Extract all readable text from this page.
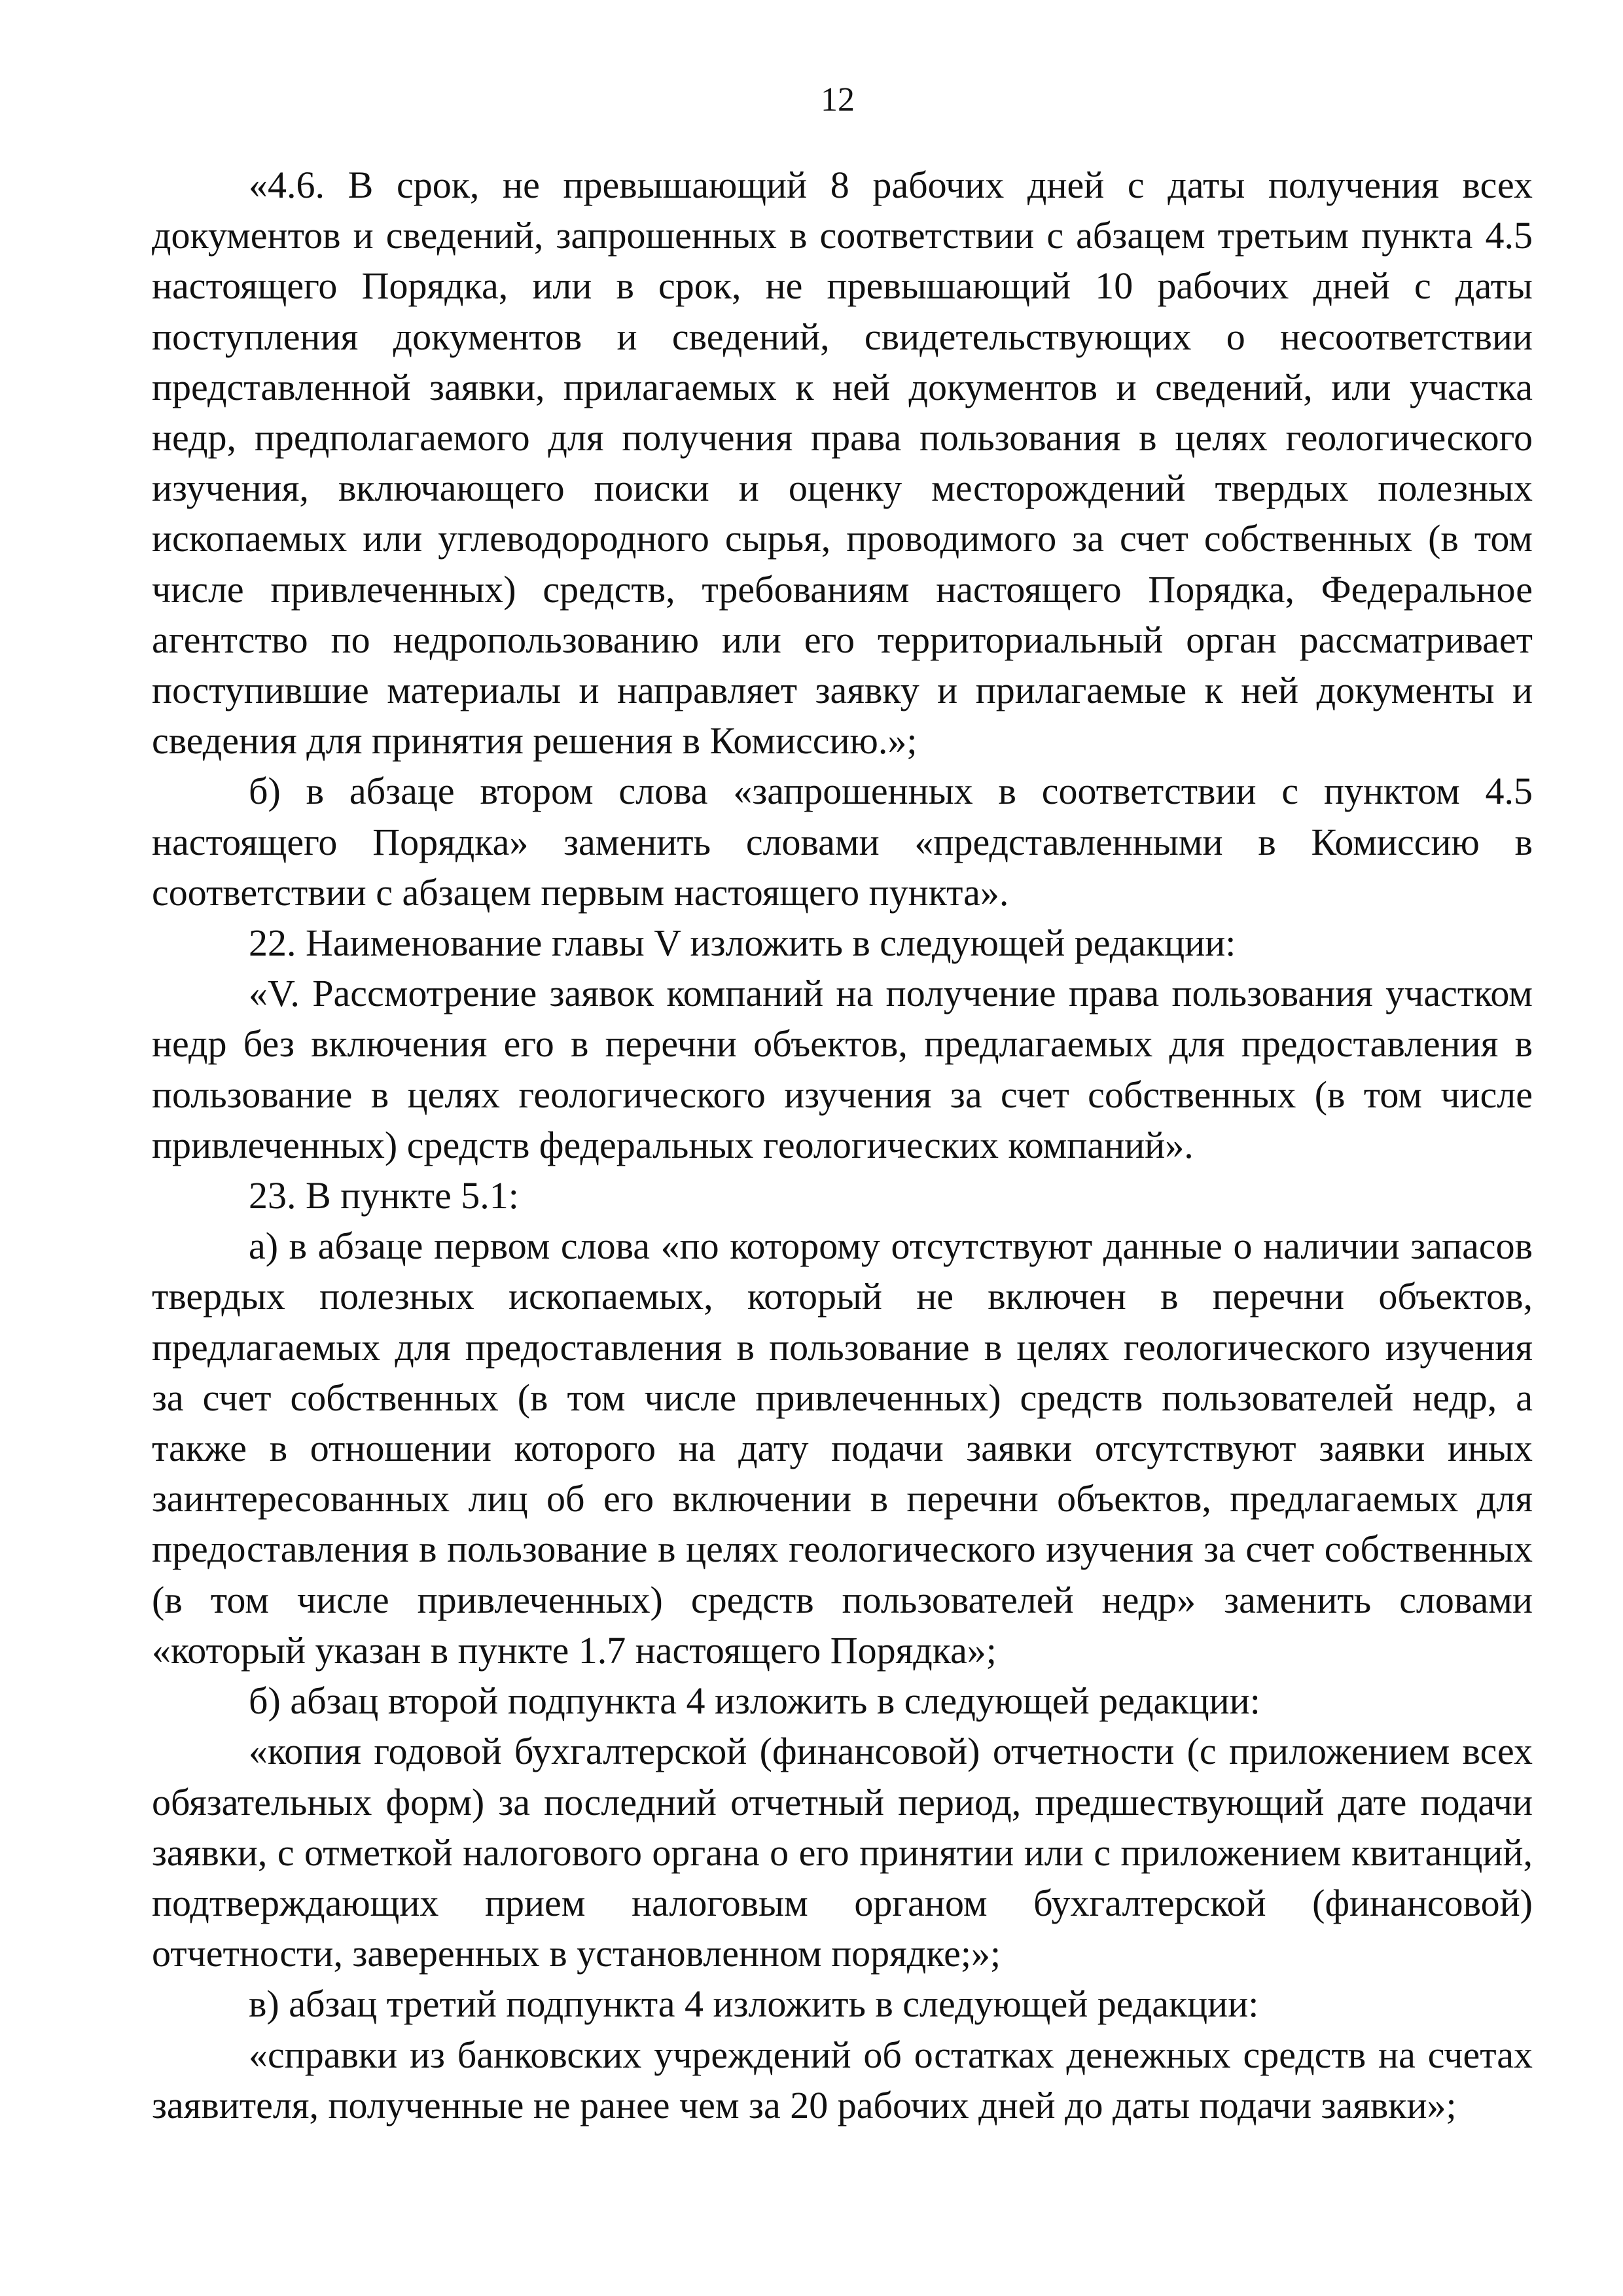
12

«4.6. В срок, не превышающий 8 рабочих дней с даты получения всех документов и сведений, запрошенных в соответствии с абзацем третьим пункта 4.5 настоящего Порядка, или в срок, не превышающий 10 рабочих дней с даты поступления документов и сведений, свидетельствующих о несоответствии представленной заявки, прилагаемых к ней документов и сведений, или участка недр, предполагаемого для получения права пользования в целях геологического изучения, включающего поиски и оценку месторождений твердых полезных ископаемых или углеводородного сырья, проводимого за счет собственных (в том числе привлеченных) средств, требованиям настоящего Порядка, Федеральное агентство по недропользованию или его территориальный орган рассматривает поступившие материалы и направляет заявку и прилагаемые к ней документы и сведения для принятия решения в Комиссию.»;

б) в абзаце втором слова «запрошенных в соответствии с пунктом 4.5 настоящего Порядка» заменить словами «представленными в Комиссию в соответствии с абзацем первым настоящего пункта».

22. Наименование главы V изложить в следующей редакции:

«V. Рассмотрение заявок компаний на получение права пользования участком недр без включения его в перечни объектов, предлагаемых для предоставления в пользование в целях геологического изучения за счет собственных (в том числе привлеченных) средств федеральных геологических компаний».

23. В пункте 5.1:

а) в абзаце первом слова «по которому отсутствуют данные о наличии запасов твердых полезных ископаемых, который не включен в перечни объектов, предлагаемых для предоставления в пользование в целях геологического изучения за счет собственных (в том числе привлеченных) средств пользователей недр, а также в отношении которого на дату подачи заявки отсутствуют заявки иных заинтересованных лиц об его включении в перечни объектов, предлагаемых для предоставления в пользование в целях геологического изучения за счет собственных (в том числе привлеченных) средств пользователей недр» заменить словами «который указан в пункте 1.7 настоящего Порядка»;

б) абзац второй подпункта 4 изложить в следующей редакции:

«копия годовой бухгалтерской (финансовой) отчетности (с приложением всех обязательных форм) за последний отчетный период, предшествующий дате подачи заявки, с отметкой налогового органа о его принятии или с приложением квитанций, подтверждающих прием налоговым органом бухгалтерской (финансовой) отчетности, заверенных в установленном порядке;»;

в) абзац третий подпункта 4 изложить в следующей редакции:

«справки из банковских учреждений об остатках денежных средств на счетах заявителя, полученные не ранее чем за 20 рабочих дней до даты подачи заявки»;
